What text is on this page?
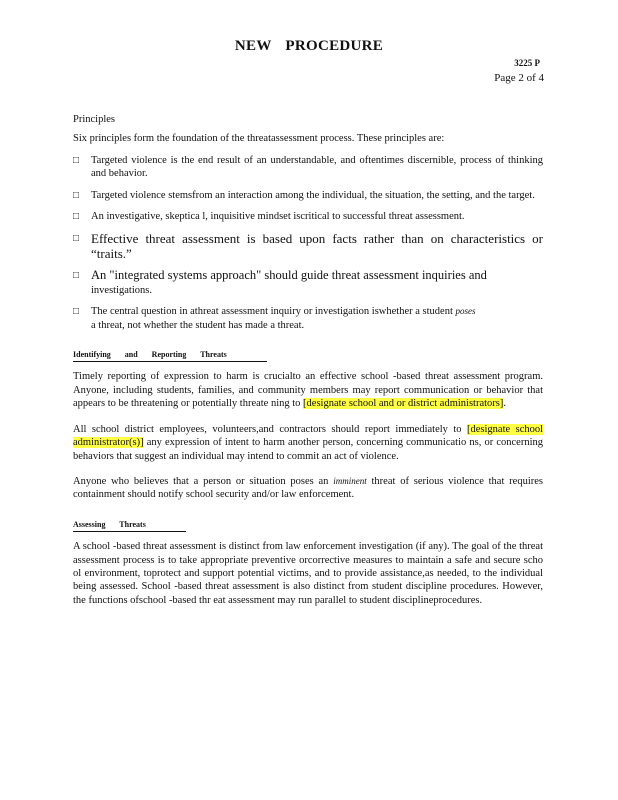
NEW PROCEDURE
3225 P
Page 2 of 4

Principles

Six principles form the foundation of the threatassessment process. These principles are:

□	Targeted violence is the end result of an understandable, and oftentimes discernible, process of thinking and behavior.
□	Targeted violence stemsfrom an interaction among the individual, the situation, the setting, and the target.
□	An investigative, skeptica l, inquisitive mindset iscritical to successful threat assessment.
□ Effective threat assessment is based upon facts rather than on characteristics or “traits.”
□ An "integrated systems approach" should guide threat assessment inquiries and
investigations.
□	The central question in athreat assessment inquiry or investigation iswhether a student poses
a threat, not whether the student has made a threat.
Identifying and Reporting Threats

Timely reporting of expression to harm is crucialto an effective school -based threat assessment program. Anyone, including students, families, and community members may report communication or behavior that appears to be threatening or potentially threate ning to [designate school and or district administrators].

All school district employees, volunteers,and contractors should report immediately to [designate school administrator(s)] any expression of intent to harm another person, concerning communicatio ns, or concerning behaviors that suggest an individual may intend to commit an act of violence.

Anyone who believes that a person or situation poses an imminent threat of serious violence that requires containment should notify school security and/or law enforcement.

Assessing Threats

A school -based threat assessment is distinct from law enforcement investigation (if any). The goal of the threat assessment process is to take appropriate preventive orcorrective measures to maintain a safe and secure scho ol environment, toprotect and support potential victims, and to provide assistance,as needed, to the individual being assessed. School -based threat assessment is also distinct from student discipline procedures. However, the functions ofschool -based thr eat assessment may run parallel to student disciplineprocedures.
